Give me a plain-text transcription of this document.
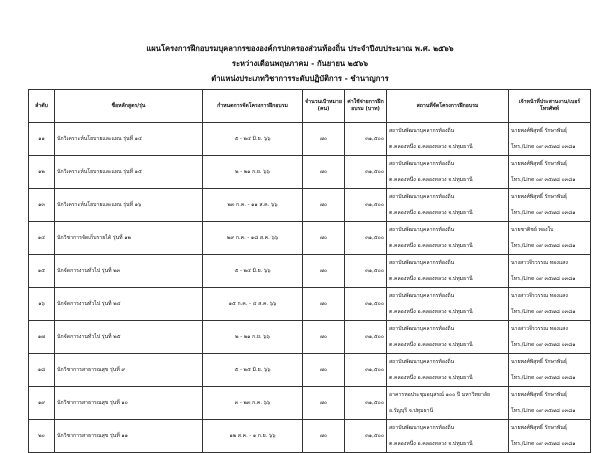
แผนโครงการฝึกอบรมบุคลากรขององค์กรปกครองส่วนท้องถิ่น ประจำปีงบประมาณ พ.ศ. ๒๕๖๖
ระหว่างเดือนพฤษภาคม - กันยายน ๒๕๖๖
ตำแหน่งประเภทวิชาการระดับปฏิบัติการ - ชำนาญการ
ลำดับ	ชื่อหลักสูตร/รุ่น	กำหนดการจัดโครงการฝึกอบรม	จำนวนเป้าหมาย (คน)	ค่าใช้จ่ายการฝึกอบรม (บาท)	สถานที่จัดโครงการฝึกอบรม	เจ้าหน้าที่ประสานงาน/เบอร์โทรศัพท์
๑๑	นักวิเคราะห์นโยบายและแผน รุ่นที่ ๑๔	๕ - ๒๔ มิ.ย. ๖๖	๗๐	๓๑,๕๐๐	สถาบันพัฒนาบุคลากรท้องถิ่น
ต.คลองหนึ่ง อ.คลองหลวง จ.ปทุมธานี	นายพงศ์พิสุทธิ์ รักษาพันธุ์
โทร./Line ๐๙ ๓๕๗๘ ๐๓๘๑

๑๒	นักวิเคราะห์นโยบายและแผน รุ่นที่ ๑๕	๒ - ๒๑ ก.ย. ๖๖	๗๐	๓๑,๕๐๐	สถาบันพัฒนาบุคลากรท้องถิ่น
ต.คลองหนึ่ง อ.คลองหลวง จ.ปทุมธานี	นายพงศ์พิสุทธิ์ รักษาพันธุ์
โทร./Line ๐๙ ๓๕๗๘ ๐๓๘๑

๑๓	นักวิเคราะห์นโยบายและแผน รุ่นที่ ๑๖	๒๓ ก.ค. - ๑๑ ส.ค. ๖๖	๗๐	๓๑,๕๐๐	สถาบันพัฒนาบุคลากรท้องถิ่น
ต.คลองหนึ่ง อ.คลองหลวง จ.ปทุมธานี	นายพงศ์พิสุทธิ์ รักษาพันธุ์
โทร./Line ๐๙ ๓๕๗๘ ๐๓๘๑

๑๔	นักวิชาการจัดเก็บรายได้ รุ่นที่ ๑๒	๒๙ ก.ค. - ๑๘ ส.ค. ๖๖	๗๐	๓๑,๕๐๐	สถาบันพัฒนาบุคลากรท้องถิ่น
ต.คลองหนึ่ง อ.คลองหลวง จ.ปทุมธานี	นายชาติชย์ ทองใบ
โทร./Line ๐๙ ๓๕๗๘ ๐๓๘๑

๑๕	นักจัดการงานทั่วไป รุ่นที่ ๒๓	๕ - ๒๔ มิ.ย. ๖๖	๗๐	๓๑,๕๐๐	สถาบันพัฒนาบุคลากรท้องถิ่น
ต.คลองหนึ่ง อ.คลองหลวง จ.ปทุมธานี	นางสาวจีรวรรณ ทองแสง
โทร./Line ๐๙ ๓๕๗๘ ๐๓๘๑

๑๖	นักจัดการงานทั่วไป รุ่นที่ ๒๔	๑๕ ก.ค. - ๔ ส.ค. ๖๖	๗๐	๓๑,๕๐๐	สถาบันพัฒนาบุคลากรท้องถิ่น
ต.คลองหนึ่ง อ.คลองหลวง จ.ปทุมธานี	นางสาวจีรวรรณ ทองแสง
โทร./Line ๐๙ ๓๕๗๘ ๐๓๘๑

๑๗	นักจัดการงานทั่วไป รุ่นที่ ๒๕	๒ - ๒๑ ก.ย. ๖๖	๗๐	๓๑,๕๐๐	สถาบันพัฒนาบุคลากรท้องถิ่น
ต.คลองหนึ่ง อ.คลองหลวง จ.ปทุมธานี	นางสาวจีรวรรณ ทองแสง
โทร./Line ๐๙ ๓๕๗๘ ๐๓๘๑

๑๘	นักวิชาการสาธารณสุข รุ่นที่ ๙	๕ - ๒๕ มิ.ย. ๖๖	๗๐	๓๑,๕๐๐	สถาบันพัฒนาบุคลากรท้องถิ่น
ต.คลองหนึ่ง อ.คลองหลวง จ.ปทุมธานี	นายพงศ์พิสุทธิ์ รักษาพันธุ์
โทร./Line ๐๙ ๓๕๗๘ ๐๓๘๑

๑๙	นักวิชาการสาธารณสุข รุ่นที่ ๑๐	๓ - ๒๓ ก.ค. ๖๖	๗๐	๓๑,๕๐๐	อาคารหอประชุมอนุสรณ์ ๑๐๐ ปี มหาวิทยาลัย
อ.รัญบุรี จ.ปทุมธานี	นายพงศ์พิสุทธิ์ รักษาพันธุ์
โทร./Line ๐๙ ๓๕๗๘ ๐๓๘๑

๒๐	นักวิชาการสาธารณสุข รุ่นที่ ๑๑	๑๒ ส.ค. - ๑ ก.ย. ๖๖	๗๐	๓๑,๕๐๐	สถาบันพัฒนาบุคลากรท้องถิ่น
ต.คลองหนึ่ง อ.คลองหลวง จ.ปทุมธานี	นายพงศ์พิสุทธิ์ รักษาพันธุ์
โทร./Line ๐๙ ๓๕๗๘ ๐๓๘๑
